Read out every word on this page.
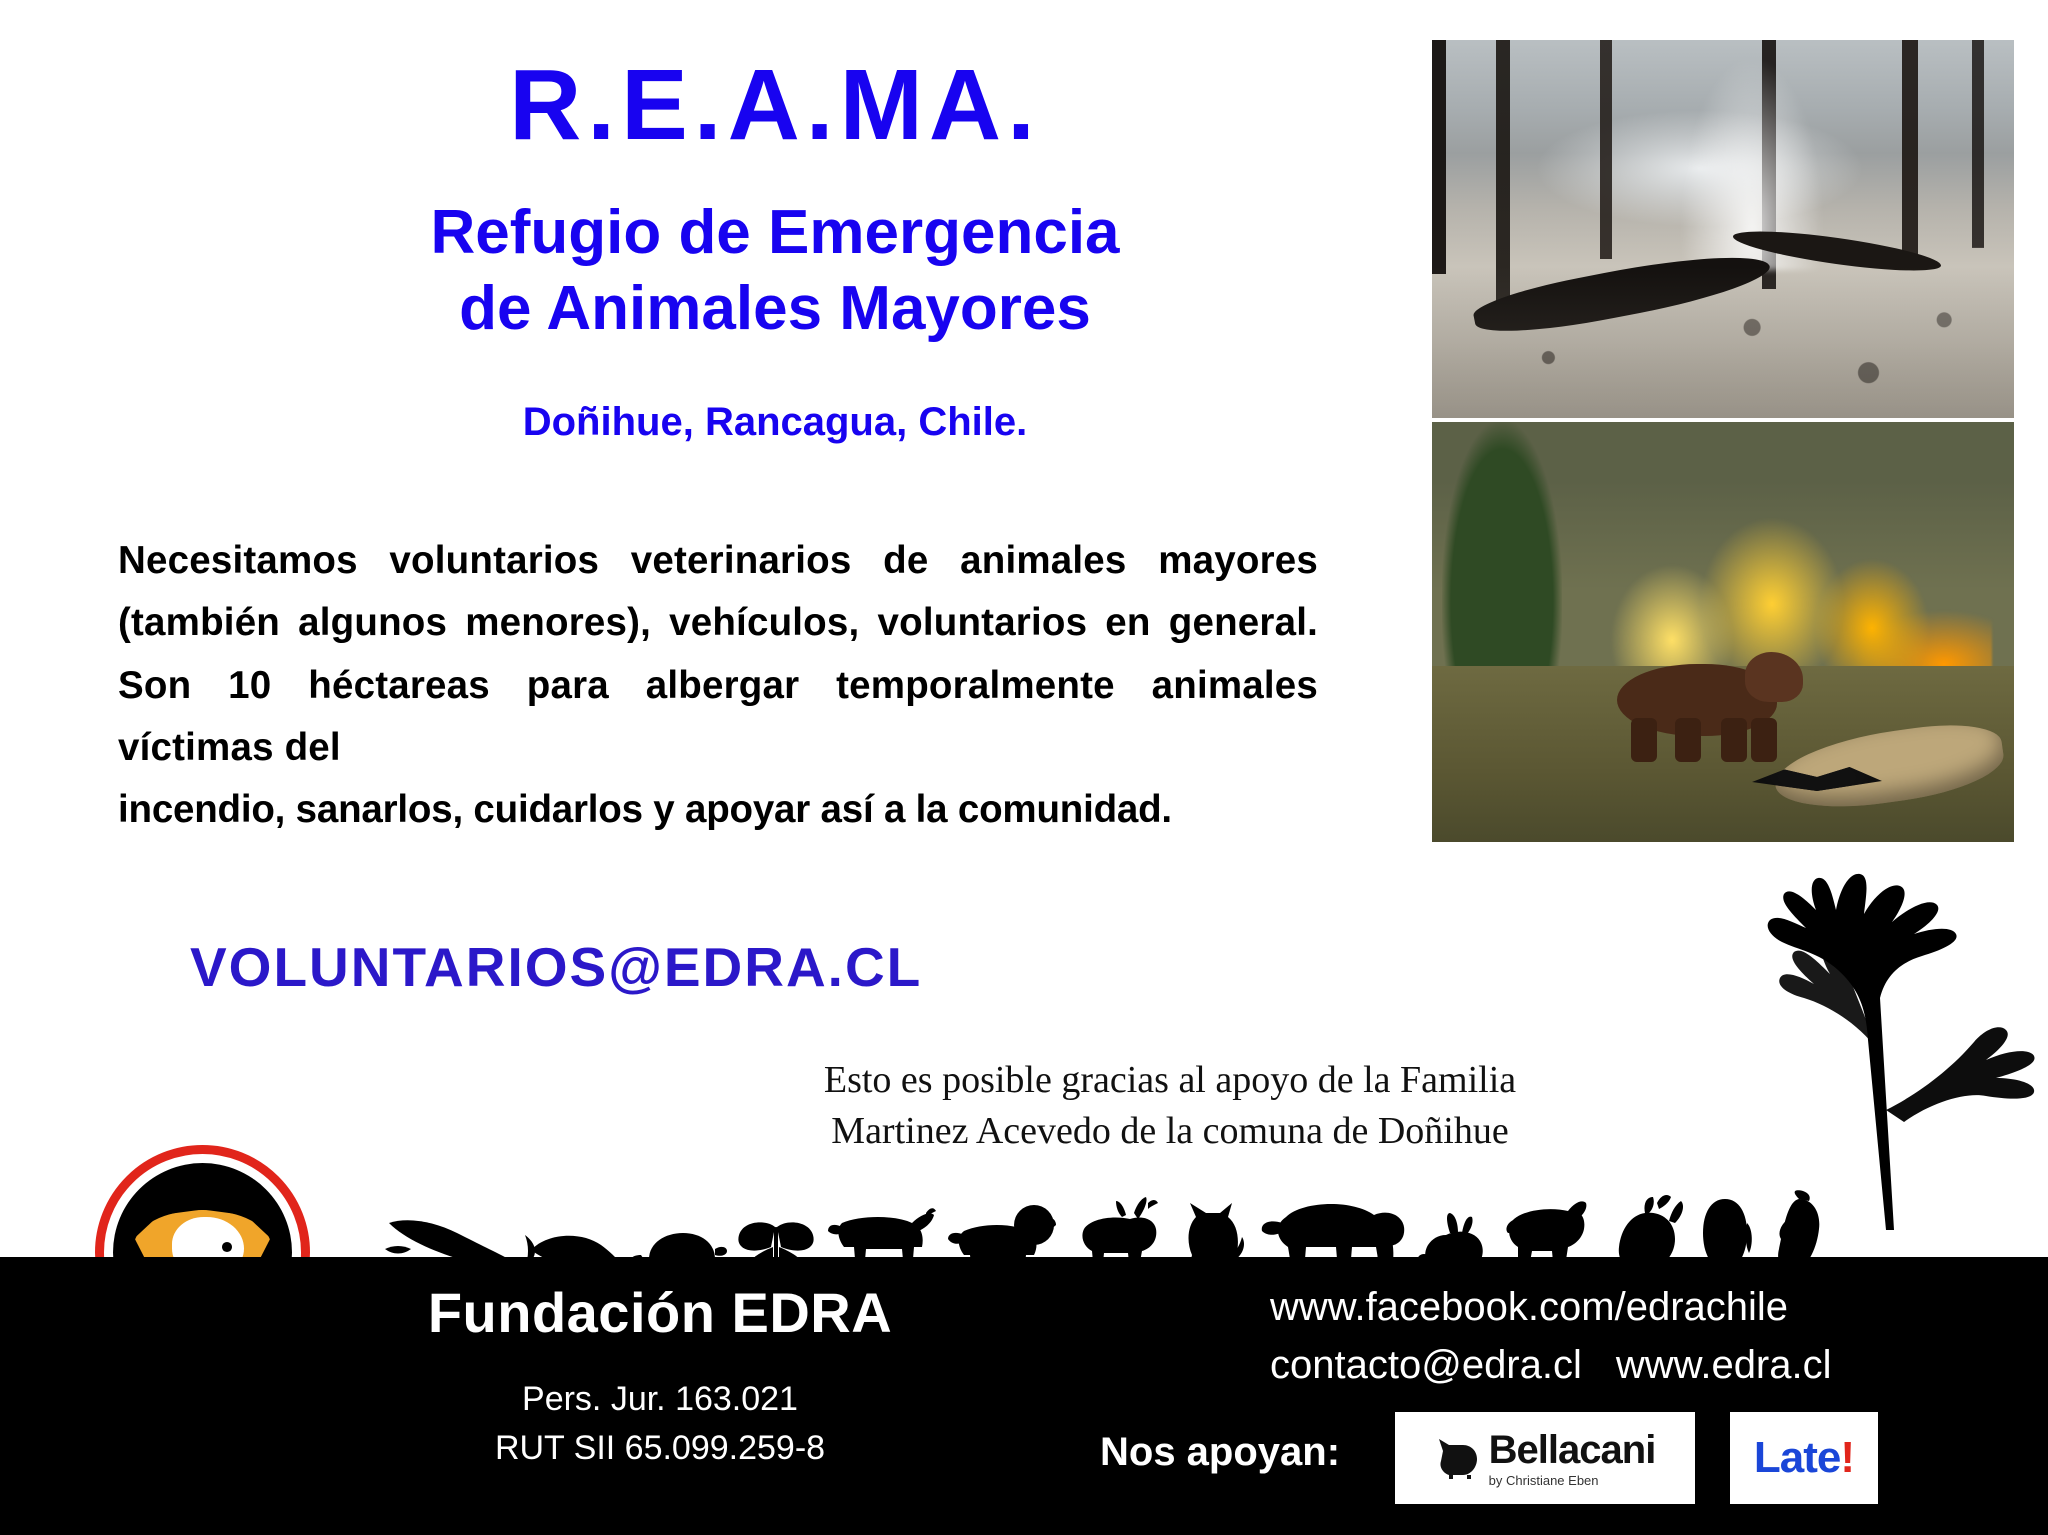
R.E.A.MA.
Refugio de Emergencia
de Animales Mayores
Doñihue, Rancagua, Chile.
Necesitamos voluntarios veterinarios de animales mayores (también algunos menores), vehículos, voluntarios en general. Son 10 héctareas para albergar temporalmente animales víctimas del
incendio, sanarlos, cuidarlos y apoyar así a la comunidad.
VOLUNTARIOS@EDRA.CL
Esto es posible gracias al apoyo de la Familia
Martinez Acevedo de la comuna de Doñihue
Fundación EDRA
Pers. Jur. 163.021
RUT SII 65.099.259-8
www.facebook.com/edrachile
contacto@edra.cl www.edra.cl
Nos apoyan:	Bellacani
by Christiane Eben	Late !
